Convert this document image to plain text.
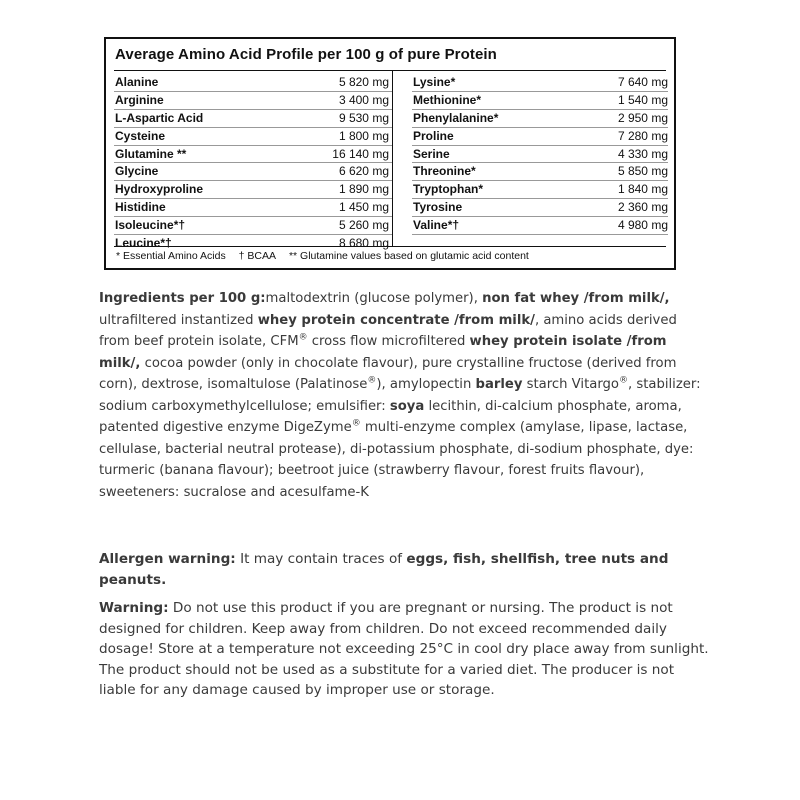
Average Amino Acid Profile per 100 g of pure Protein
Alanine	5 820 mg
Arginine	3 400 mg
L-Aspartic Acid	9 530 mg
Cysteine	1 800 mg
Glutamine **	16 140 mg
Glycine	6 620 mg
Hydroxyproline	1 890 mg
Histidine	1 450 mg
Isoleucine*†	5 260 mg
Leucine*†	8 680 mg
Lysine*	7 640 mg
Methionine*	1 540 mg
Phenylalanine*	2 950 mg
Proline	7 280 mg
Serine	4 330 mg
Threonine*	5 850 mg
Tryptophan*	1 840 mg
Tyrosine	2 360 mg
Valine*†	4 980 mg
* Essential Amino Acids † BCAA ** Glutamine values based on glutamic acid content
Ingredients per 100 g:maltodextrin (glucose polymer), non fat whey /from milk/, ultrafiltered instantized whey protein concentrate /from milk/, amino acids derived from beef protein isolate, CFM® cross flow microfiltered whey protein isolate /from milk/, cocoa powder (only in chocolate flavour), pure crystalline fructose (derived from corn), dextrose, isomaltulose (Palatinose®), amylopectin barley starch Vitargo®, stabilizer: sodium carboxymethylcellulose; emulsifier: soya lecithin, di-calcium phosphate, aroma, patented digestive enzyme DigeZyme® multi-enzyme complex (amylase, lipase, lactase, cellulase, bacterial neutral protease), di-potassium phosphate, di-sodium phosphate, dye: turmeric (banana flavour); beetroot juice (strawberry flavour, forest fruits flavour), sweeteners: sucralose and acesulfame-K
Allergen warning: It may contain traces of eggs, fish, shellfish, tree nuts and peanuts.
Warning: Do not use this product if you are pregnant or nursing. The product is not designed for children. Keep away from children. Do not exceed recommended daily dosage! Store at a temperature not exceeding 25°C in cool dry place away from sunlight. The product should not be used as a substitute for a varied diet. The producer is not liable for any damage caused by improper use or storage.
